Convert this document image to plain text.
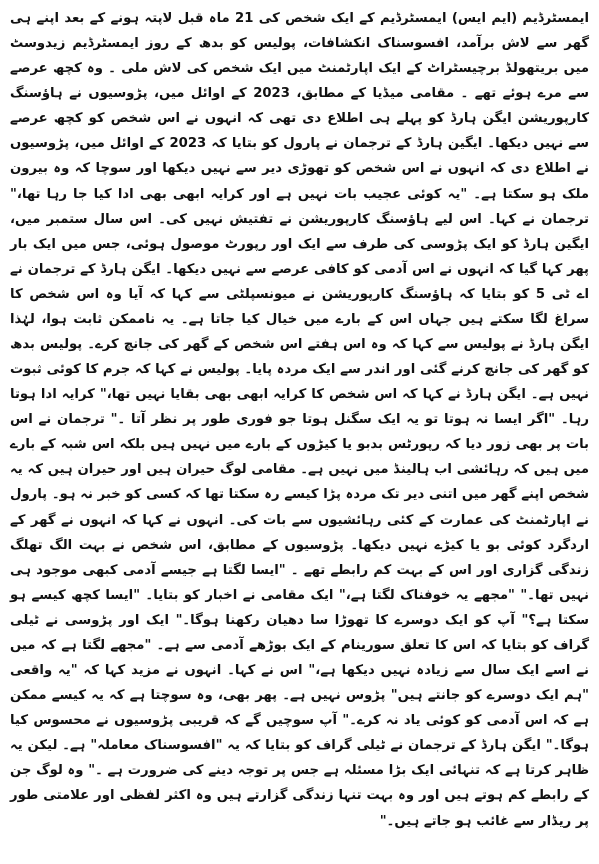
ایمسٹرڈیم (ایم ایس) ایمسٹرڈیم کے ایک شخص کی 21 ماہ قبل لاپتہ ہونے کے بعد اپنے ہی گھر سے لاش برآمد، افسوسناک انکشافات، پولیس کو بدھ کے روز ایمسٹرڈیم زیدوسٹ میں بریتھولڈ برچیسٹراٹ کے ایک اپارٹمنٹ میں ایک شخص کی لاش ملی ۔ وہ کچھ عرصے سے مرے ہوئے تھے ۔ مقامی میڈیا کے مطابق، 2023 کے اوائل میں، پڑوسیوں نے ہاؤسنگ کارپوریشن ایگن ہارڈ کو پہلے ہی اطلاع دی تھی کہ انہوں نے اس شخص کو کچھ عرصے سے نہیں دیکھا۔ ایگین ہارڈ کے ترجمان نے پارول کو بتایا کہ 2023 کے اوائل میں، پڑوسیوں نے اطلاع دی کہ انہوں نے اس شخص کو تھوڑی دیر سے نہیں دیکھا اور سوچا کہ وہ بیرون ملک ہو سکتا ہے۔ "یہ کوئی عجیب بات نہیں ہے اور کرایہ ابھی بھی ادا کیا جا رہا تھا،" ترجمان نے کہا۔ اس لیے ہاؤسنگ کارپوریشن نے تفتیش نہیں کی۔ اس سال ستمبر میں، ایگین ہارڈ کو ایک پڑوسی کی طرف سے ایک اور رپورٹ موصول ہوئی، جس میں ایک بار پھر کہا گیا کہ انہوں نے اس آدمی کو کافی عرصے سے نہیں دیکھا۔ ایگن ہارڈ کے ترجمان نے اے ٹی 5 کو بتایا کہ ہاؤسنگ کارپوریشن نے میونسپلٹی سے کہا کہ آیا وہ اس شخص کا سراغ لگا سکتے ہیں جہاں اس کے بارے میں خیال کیا جاتا ہے۔ یہ ناممکن ثابت ہوا، لہٰذا ایگن ہارڈ نے پولیس سے کہا کہ وہ اس ہفتے اس شخص کے گھر کی جانچ کرے۔ پولیس بدھ کو گھر کی جانچ کرنے گئی اور اندر سے ایک مردہ پایا۔ پولیس نے کہا کہ جرم کا کوئی ثبوت نہیں ہے۔ ایگن ہارڈ نے کہا کہ اس شخص کا کرایہ ابھی بھی بقایا نہیں تھا،" کرایہ ادا ہوتا رہا۔ "اگر ایسا نہ ہوتا تو یہ ایک سگنل ہوتا جو فوری طور پر نظر آتا ۔" ترجمان نے اس بات پر بھی زور دیا کہ رپورٹس بدبو یا کیڑوں کے بارے میں نہیں ہیں بلکہ اس شبہ کے بارے میں ہیں کہ رہائشی اب ہالینڈ میں نہیں ہے۔ مقامی لوگ حیران ہیں اور حیران ہیں کہ یہ شخص اپنے گھر میں اتنی دیر تک مردہ پڑا کیسے رہ سکتا تھا کہ کسی کو خبر نہ ہو۔ پارول نے اپارٹمنٹ کی عمارت کے کئی رہائشیوں سے بات کی۔ انہوں نے کہا کہ انہوں نے گھر کے اردگرد کوئی بو یا کیڑے نہیں دیکھا۔ پڑوسیوں کے مطابق، اس شخص نے بہت الگ تھلگ زندگی گزاری اور اس کے بہت کم رابطے تھے ۔ "ایسا لگتا ہے جیسے آدمی کبھی موجود ہی نہیں تھا۔" "مجھے یہ خوفناک لگتا ہے،" ایک مقامی نے اخبار کو بتایا۔ "ایسا کچھ کیسے ہو سکتا ہے؟" آپ کو ایک دوسرے کا تھوڑا سا دھیان رکھنا ہوگا۔" ایک اور پڑوسی نے ٹیلی گراف کو بتایا کہ اس کا تعلق سورینام کے ایک بوڑھے آدمی سے ہے۔ "مجھے لگتا ہے کہ میں نے اسے ایک سال سے زیادہ نہیں دیکھا ہے،" اس نے کہا۔ انہوں نے مزید کہا کہ "یہ واقعی "ہم ایک دوسرے کو جانتے ہیں" پڑوس نہیں ہے۔ پھر بھی، وہ سوچتا ہے کہ یہ کیسے ممکن ہے کہ اس آدمی کو کوئی یاد نہ کرے۔" آپ سوچیں گے کہ قریبی پڑوسیوں نے محسوس کیا ہوگا۔" ایگن ہارڈ کے ترجمان نے ٹیلی گراف کو بتایا کہ یہ "افسوسناک معاملہ" ہے۔ لیکن یہ ظاہر کرتا ہے کہ تنہائی ایک بڑا مسئلہ ہے جس پر توجہ دینے کی ضرورت ہے ۔" وہ لوگ جن کے رابطے کم ہوتے ہیں اور وہ بہت تنہا زندگی گزارتے ہیں وہ اکثر لفظی اور علامتی طور پر ریڈار سے غائب ہو جاتے ہیں۔"
